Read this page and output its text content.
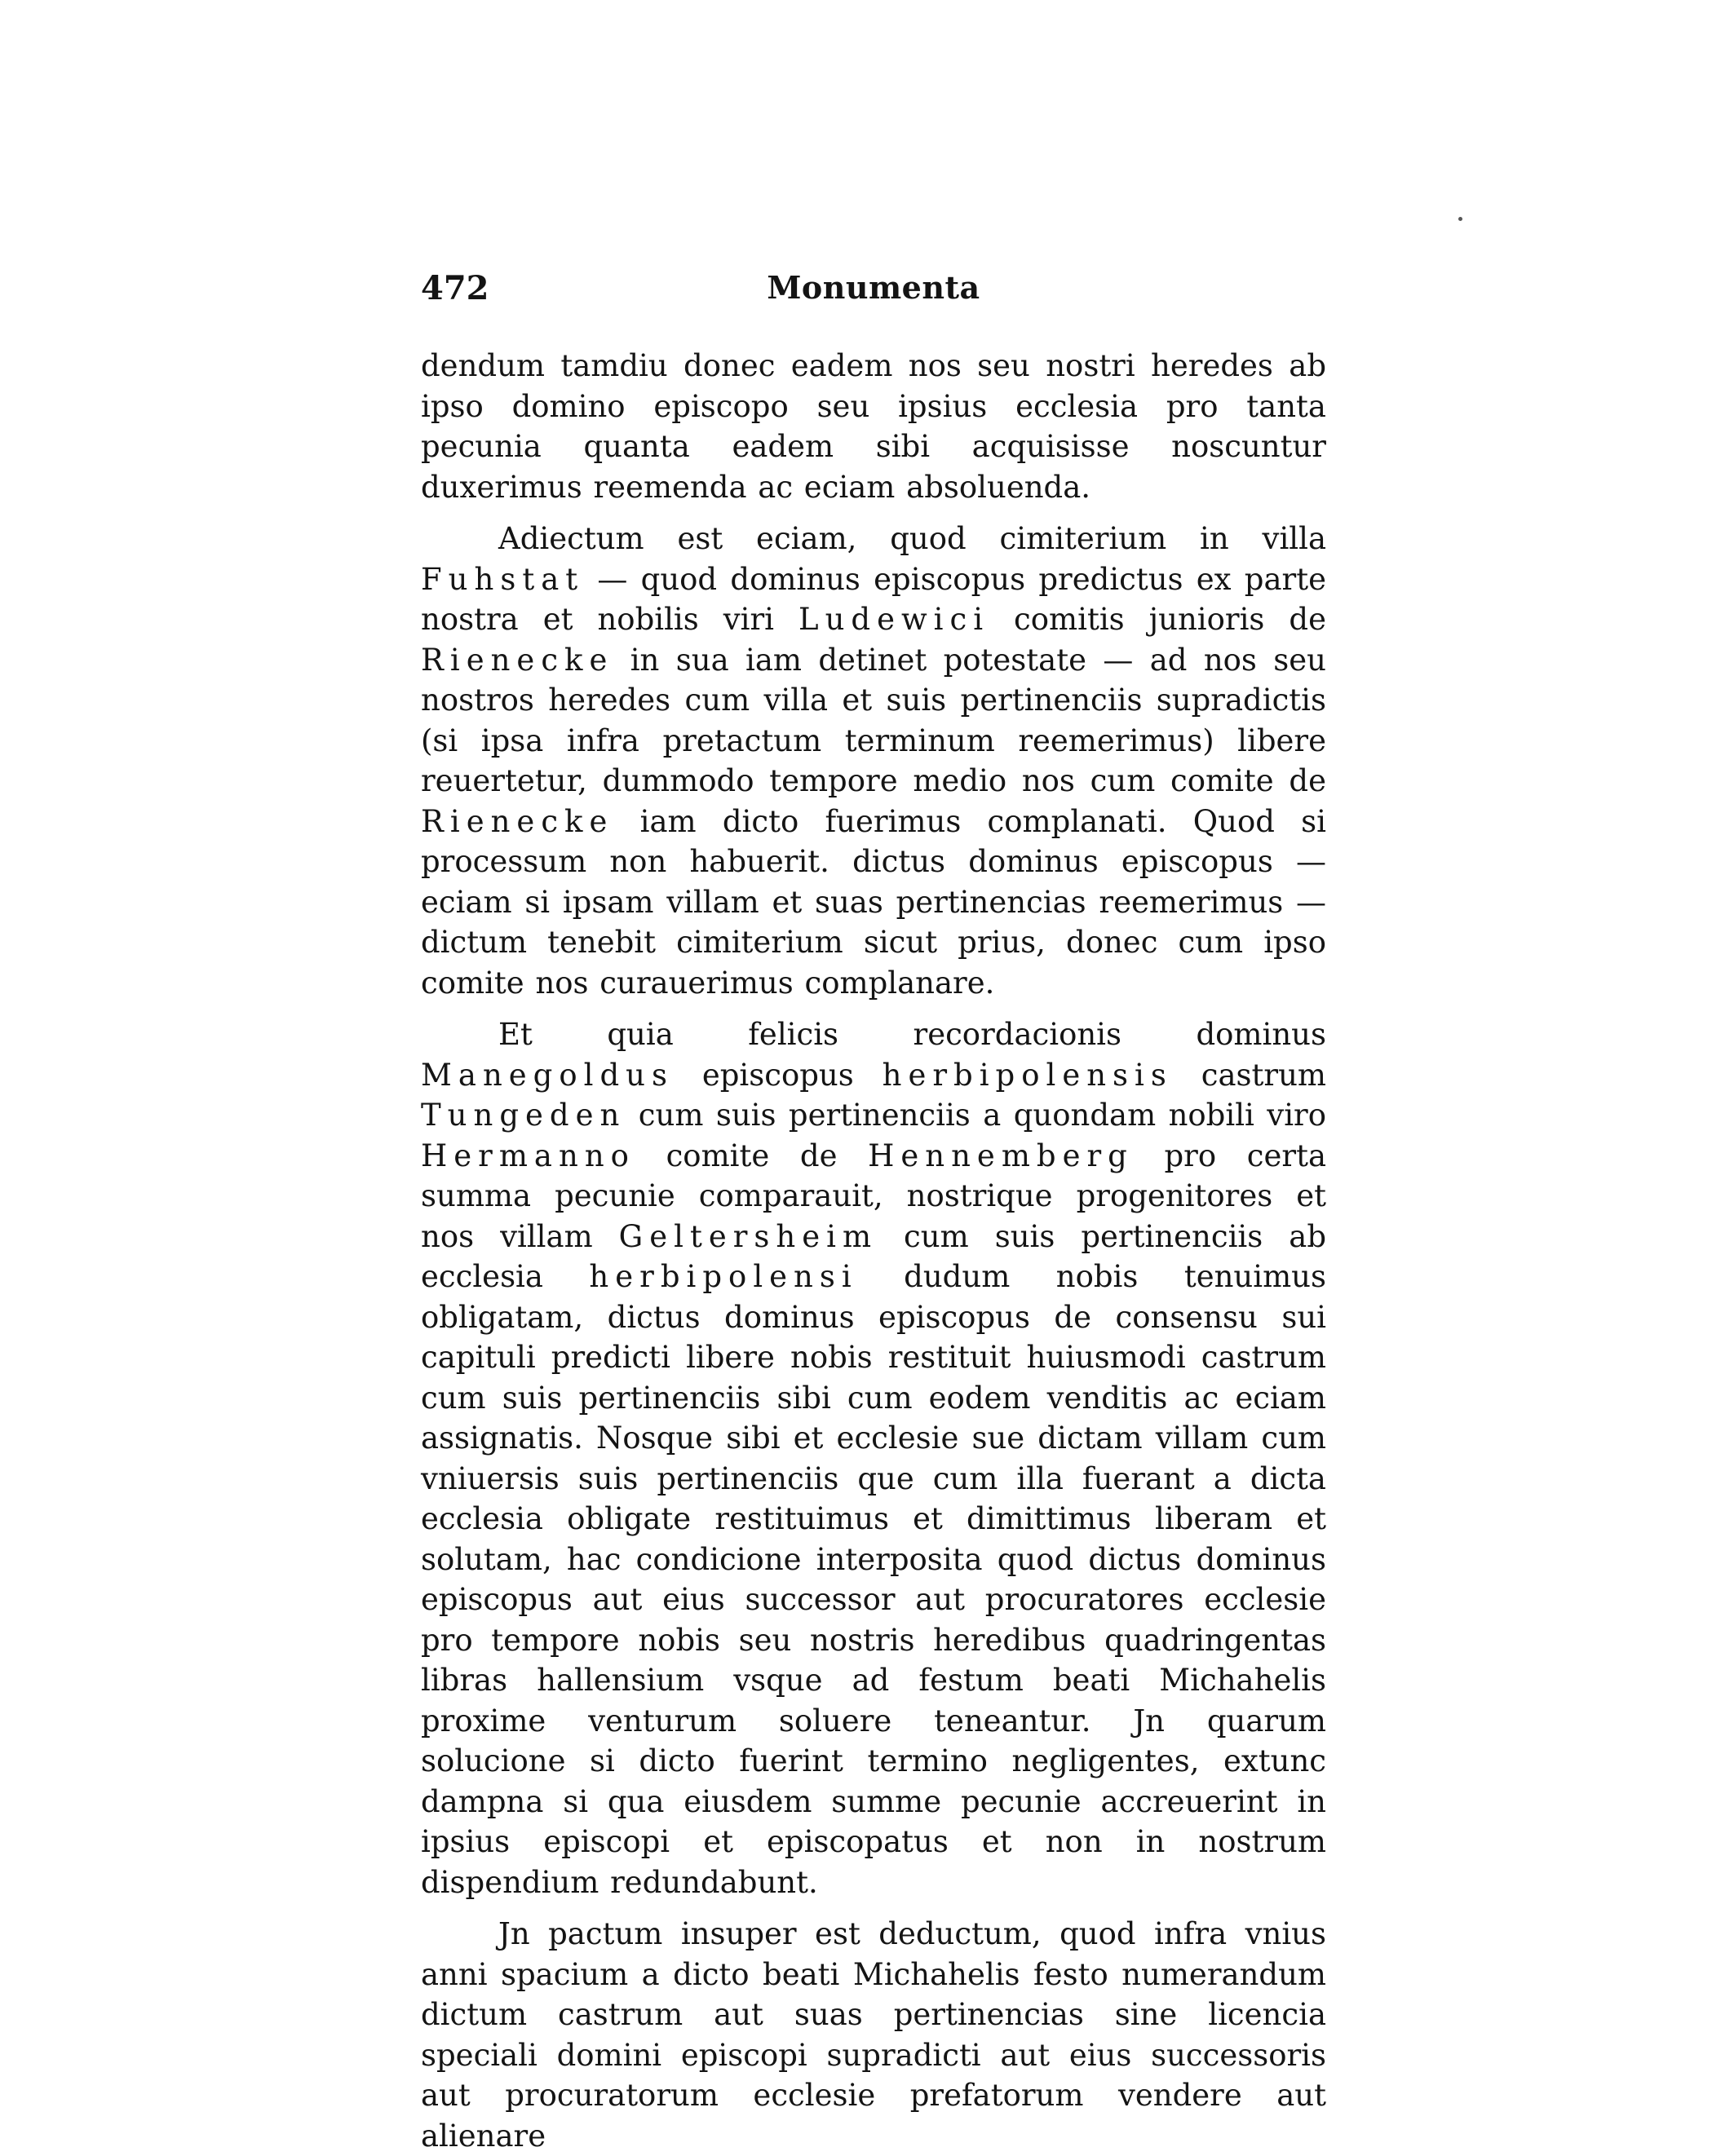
472	Monumenta

dendum tamdiu donec eadem nos seu nostri heredes ab ipso domino episcopo seu ipsius ecclesia pro tanta pecunia quanta eadem sibi acquisisse noscuntur duxerimus reemenda ac eciam absoluenda.

Adiectum est eciam, quod cimiterium in villa Fuhstat — quod dominus episcopus predictus ex parte nostra et nobilis viri Ludewici comitis junioris de Rienecke in sua iam detinet potestate — ad nos seu nostros heredes cum villa et suis pertinenciis supradictis (si ipsa infra pretactum terminum reemerimus) libere reuertetur, dummodo tempore medio nos cum comite de Rienecke iam dicto fuerimus complanati. Quod si processum non habuerit. dictus dominus episcopus — eciam si ipsam villam et suas pertinencias reemerimus — dictum tenebit cimiterium sicut prius, donec cum ipso comite nos curauerimus complanare.

Et quia felicis recordacionis dominus Manegoldus episcopus herbipolensis castrum Tungeden cum suis pertinenciis a quondam nobili viro Hermanno comite de Hennemberg pro certa summa pecunie comparauit, nostrique progenitores et nos villam Geltersheim cum suis pertinenciis ab ecclesia herbipolensi dudum nobis tenuimus obligatam, dictus dominus episcopus de consensu sui capituli predicti libere nobis restituit huiusmodi castrum cum suis pertinenciis sibi cum eodem venditis ac eciam assignatis. Nosque sibi et ecclesie sue dictam villam cum vniuersis suis pertinenciis que cum illa fuerant a dicta ecclesia obligate restituimus et dimittimus liberam et solutam, hac condicione interposita quod dictus dominus episcopus aut eius successor aut procuratores ecclesie pro tempore nobis seu nostris heredibus quadringentas libras hallensium vsque ad festum beati Michahelis proxime venturum soluere teneantur. Jn quarum solucione si dicto fuerint termino negligentes, extunc dampna si qua eiusdem summe pecunie accreuerint in ipsius episcopi et episcopatus et non in nostrum dispendium redundabunt.

Jn pactum insuper est deductum, quod infra vnius anni spacium a dicto beati Michahelis festo numerandum dictum castrum aut suas pertinencias sine licencia speciali domini episcopi supradicti aut eius successoris aut procuratorum ecclesie prefatorum vendere aut alienare
